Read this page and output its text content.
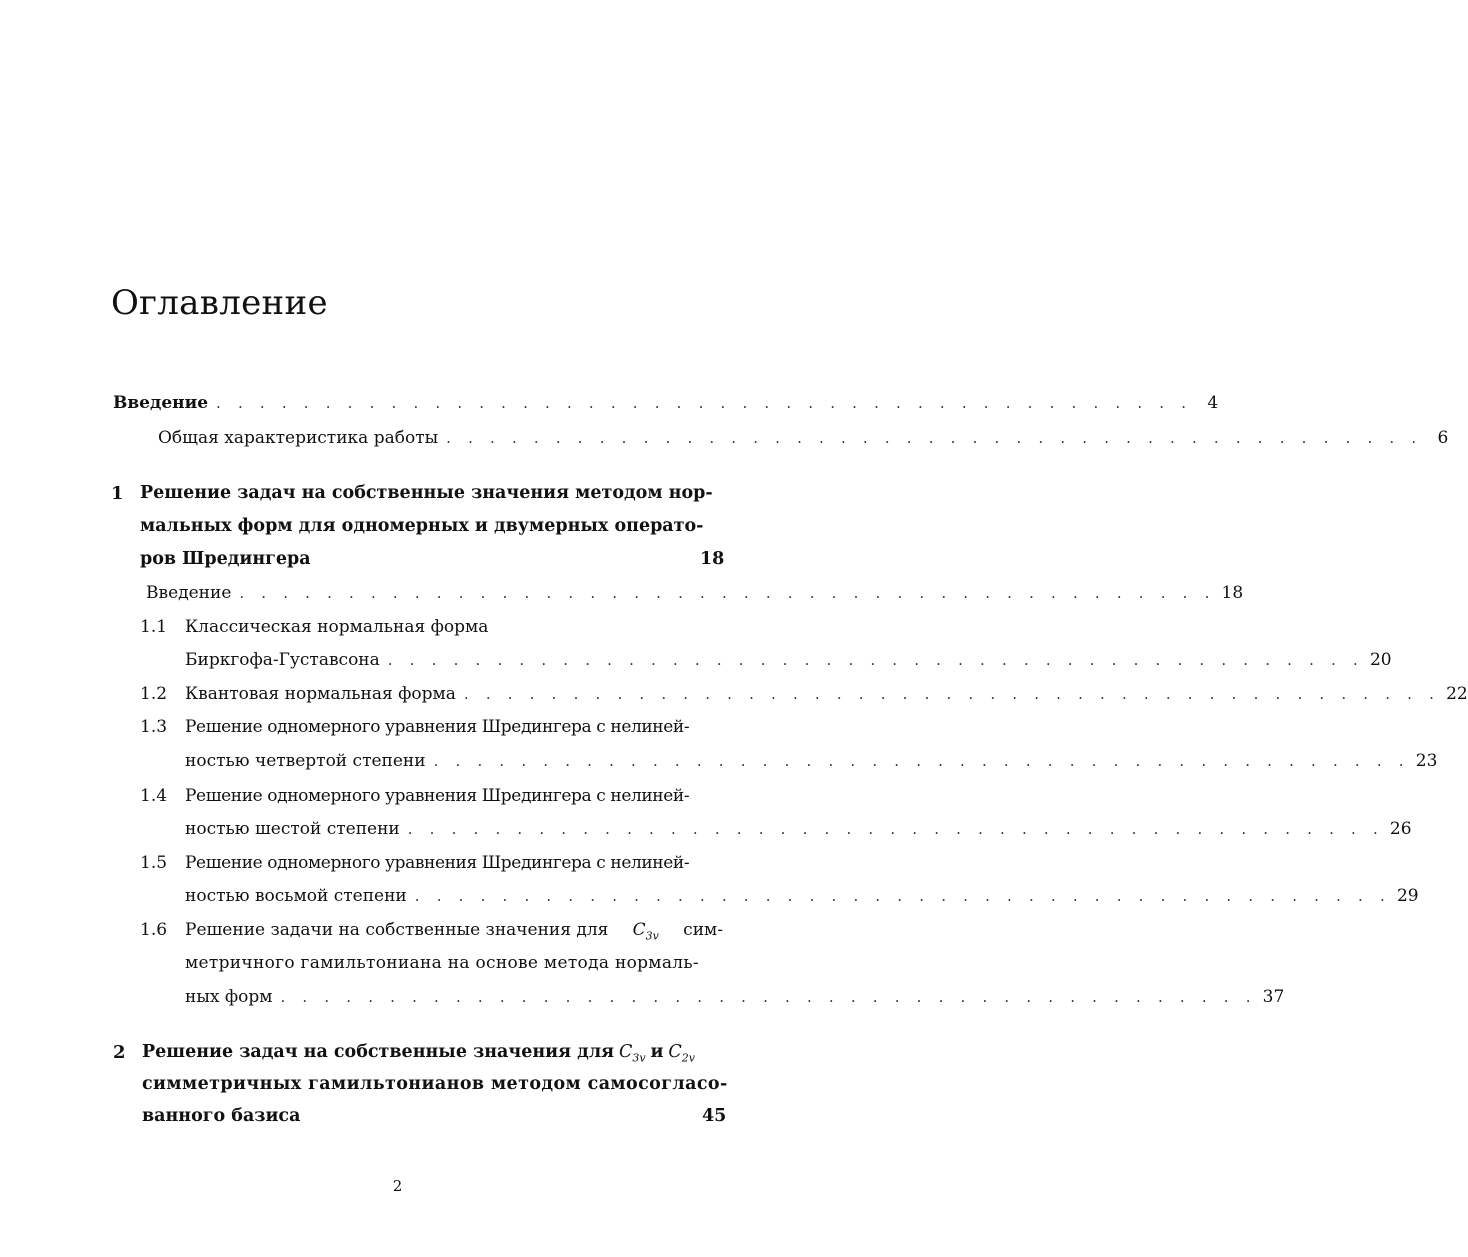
Оглавление
Введение . . . . . . . . . . . . . . . . . . . . . . . . . . . . . . . . . . . . . . . . . . . . . 4
Общая характеристика работы . . . . . . . . . . . . . . . . . . . . . . . . . . . . . . . . . . . . . . . . . . . . . 6
1 Решение задач на собственные значения методом нор-
мальных форм для одномерных и двумерных операто-
ров Шредингера	18
Введение . . . . . . . . . . . . . . . . . . . . . . . . . . . . . . . . . . . . . . . . . . . . . 18
1.1 Классическая нормальная форма
Биркгофа-Густавсона . . . . . . . . . . . . . . . . . . . . . . . . . . . . . . . . . . . . . . . . . . . . . 20
1.2 Квантовая нормальная форма . . . . . . . . . . . . . . . . . . . . . . . . . . . . . . . . . . . . . . . . . . . . . 22
1.3 Решение одномерного уравнения Шредингера с нелиней-
ностью четвертой степени . . . . . . . . . . . . . . . . . . . . . . . . . . . . . . . . . . . . . . . . . . . . . 23
1.4 Решение одномерного уравнения Шредингера с нелиней-
ностью шестой степени . . . . . . . . . . . . . . . . . . . . . . . . . . . . . . . . . . . . . . . . . . . . . 26
1.5 Решение одномерного уравнения Шредингера с нелиней-
ностью восьмой степени . . . . . . . . . . . . . . . . . . . . . . . . . . . . . . . . . . . . . . . . . . . . . 29
1.6 Решение задачи на собственные значения для $C_{3v}$ сим-
метричного гамильтониана на основе метода нормаль-
ных форм . . . . . . . . . . . . . . . . . . . . . . . . . . . . . . . . . . . . . . . . . . . . . 37
2 Решение задач на собственные значения для $C_{3v}$ и $C_{2v}$
симметричных гамильтонианов методом самосогласо-
ванного базиса	45
2
